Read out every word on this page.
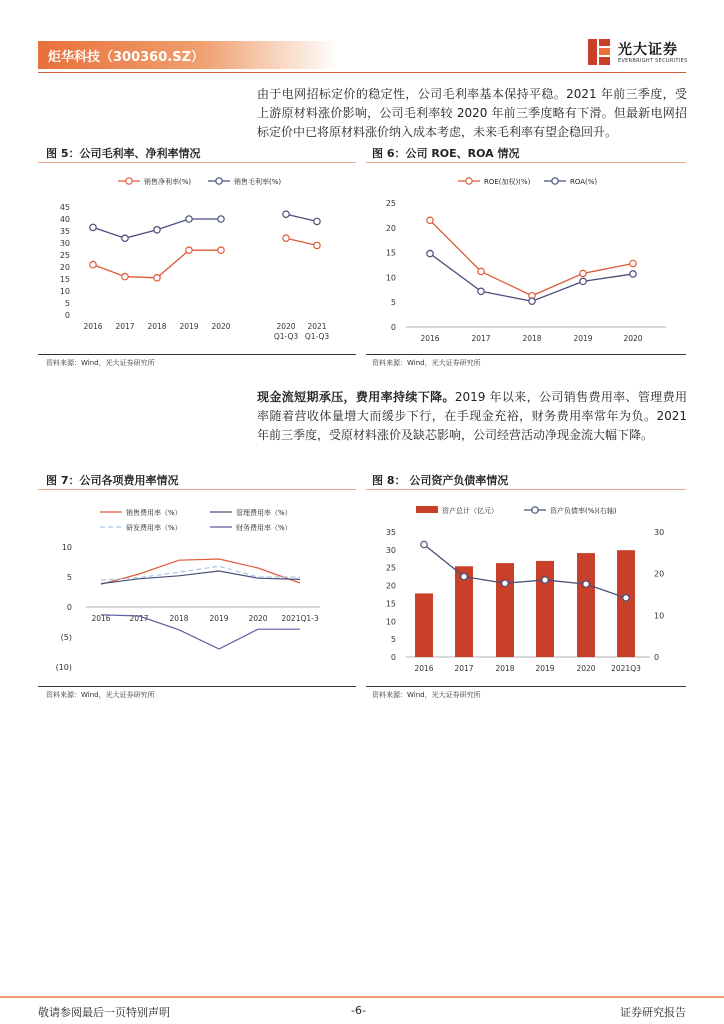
炬华科技（300360.SZ）	光大证券
EVERBRIGHT SECURITIES
由于电网招标定价的稳定性，公司毛利率基本保持平稳。2021 年前三季度，受上游原材料涨价影响，公司毛利率较 2020 年前三季度略有下滑。但最新电网招标定价中已将原材料涨价纳入成本考虑，未来毛利率有望企稳回升。
图 5：公司毛利率、净利率情况
销售净利率(%)	销售毛利率(%)
0
5
10
15
20
25
30
35
40
45
2016 2017 2018 2019 2020	2020
Q1-Q3
2021
Q1-Q3
资料来源：Wind，光大证券研究所
图 6：公司 ROE、ROA 情况
ROE(加权)(%)	ROA(%)
0
5
10
15
20
25
2016	2017	2018	2019	2020
资料来源：Wind，光大证券研究所
现金流短期承压，费用率持续下降。2019 年以来，公司销售费用率、管理费用率随着营收体量增大而缓步下行，在手现金充裕，财务费用率常年为负。2021 年前三季度，受原材料涨价及缺芯影响，公司经营活动净现金流大幅下降。
图 7：公司各项费用率情况
销售费用率（%）	管理费用率（%）
研发费用率（%）	财务费用率（%）
(10)
(5)
0
5
10
2016	2017	2018	2019	2020 2021Q1-3
资料来源：Wind，光大证券研究所
图 8： 公司资产负债率情况
资产总计（亿元）	资产负债率(%)(右轴)
0
5
10
15
20
25
30
35
0
10
20
30
2016	2017	2018	2019	2020 2021Q3
资料来源：Wind，光大证券研究所
敬请参阅最后一页特别声明	-6-	证券研究报告
